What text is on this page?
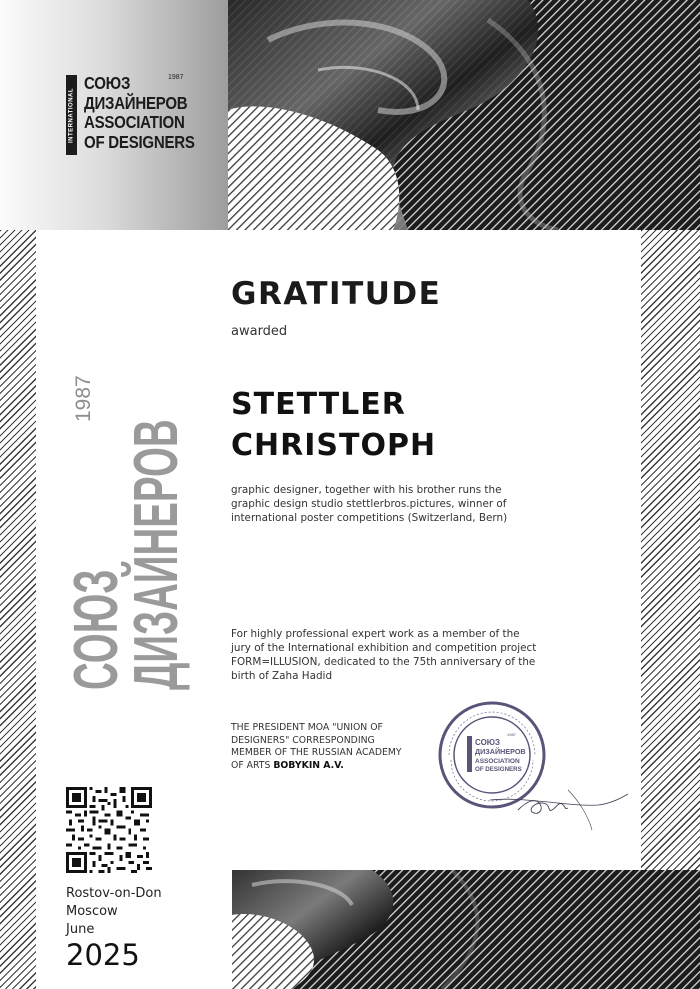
INTERNATIONAL
СОЮЗ
ДИЗАЙНЕРОВ
ASSOCIATION
OF DESIGNERS
1987
СОЮЗ
ДИЗАЙНЕРОВ
1987
GRATITUDE
awarded
STETTLER
CHRISTOPH
graphic designer, together with his brother runs the graphic design studio stettlerbros.pictures, winner of international poster competitions (Switzerland, Bern)
For highly professional expert work as a member of the jury of the International exhibition and competition project FORM=ILLUSION, dedicated to the 75th anniversary of the birth of Zaha Hadid
THE PRESIDENT MOA "UNION OF DESIGNERS" CORRESPONDING MEMBER OF THE RUSSIAN ACADEMY OF ARTS BOBYKIN A.V.
СОЮЗ
ДИЗАЙНЕРОВ
ASSOCIATION
OF DESIGNERS
1987
Rostov-on-Don
Moscow
June
2025
